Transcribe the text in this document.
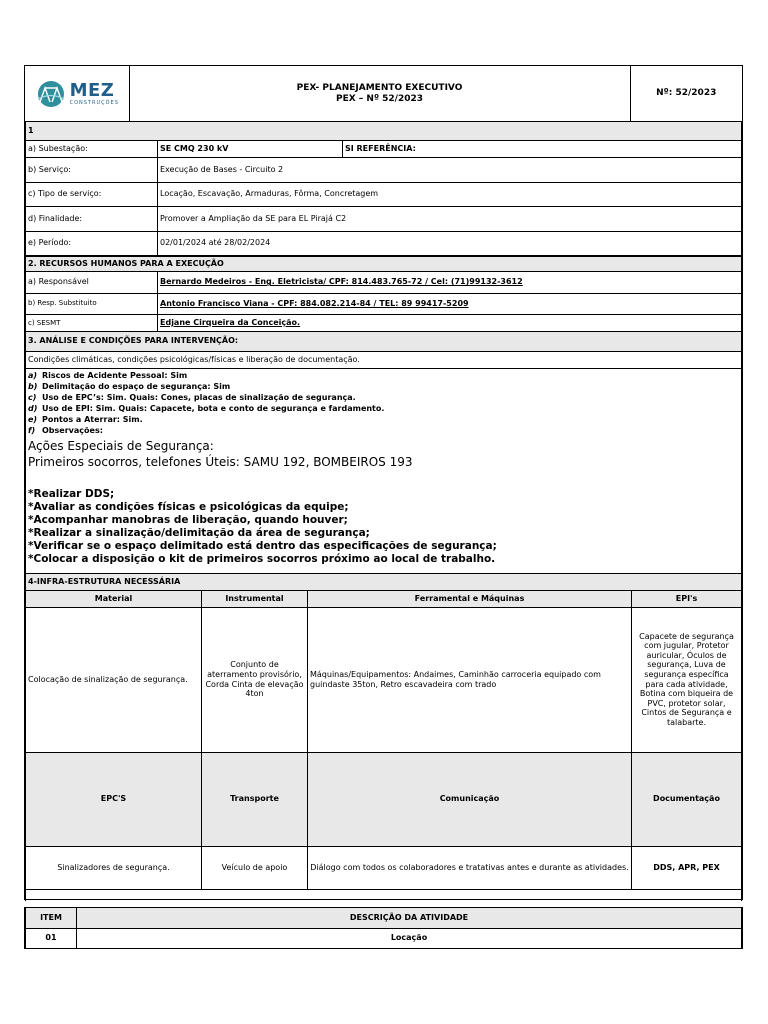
MEZ
CONSTRUÇÕES

PEX- PLANEJAMENTO EXECUTIVO
PEX – Nº 52/2023
	Nº: 52/2023
1		
a) Subestação:	SE CMQ 230 kV	SI REFERÊNCIA:
b) Serviço:	Execução de Bases - Circuito 2	
c) Tipo de serviço:	Locação, Escavação, Armaduras, Fôrma, Concretagem	
d) Finalidade:	Promover a Ampliação da SE para EL Pirajá C2	
e) Período:	02/01/2024 até 28/02/2024	
2. RECURSOS HUMANOS PARA A EXECUÇÃO	
a) Responsável	Bernardo Medeiros - Eng. Eletricista/ CPF: 814.483.765-72 / Cel: (71)99132-3612
b) Resp. Substituito	Antonio Francisco Viana - CPF: 884.082.214-84 / TEL: 89 99417-5209
c) SESMT	Edjane Cirqueira da Conceição.
3. ANÁLISE E CONDIÇÕES PARA INTERVENÇÃO:
Condições climáticas, condições psicológicas/físicas e liberação de documentação.

a) Riscos de Acidente Pessoal: Sim
b) Delimitação do espaço de segurança: Sim
c) Uso de EPC’s: Sim. Quais: Cones, placas de sinalização de segurança.
d) Uso de EPI: Sim. Quais: Capacete, bota e conto de segurança e fardamento.
e) Pontos a Aterrar: Sim.
f) Observações:
Ações Especiais de Segurança:
Primeiros socorros, telefones Úteis: SAMU 192, BOMBEIROS 193
*Realizar DDS;
*Avaliar as condições físicas e psicológicas da equipe;
*Acompanhar manobras de liberação, quando houver;
*Realizar a sinalização/delimitação da área de segurança;
*Verificar se o espaço delimitado está dentro das especificações de segurança;
*Colocar a disposição o kit de primeiros socorros próximo ao local de trabalho.
4-INFRA-ESTRUTURA NECESSÁRIA			
Material	Instrumental	Ferramental e Máquinas	EPI's
Colocação de sinalização de segurança.	Conjunto de aterramento provisório, Corda Cinta de elevação 4ton	Máquinas/Equipamentos: Andaimes, Caminhão carroceria equipado com guindaste 35ton, Retro escavadeira com trado	Capacete de segurança com jugular, Protetor auricular, Óculos de segurança, Luva de segurança específica para cada atividade, Botina com biqueira de PVC, protetor solar, Cintos de Segurança e talabarte.
EPC'S	Transporte	Comunicação	Documentação
Sinalizadores de segurança.	Veículo de apoio	Diálogo com todos os colaboradores e tratativas antes e durante as atividades.	DDS, APR, PEX

ITEM	DESCRIÇÃO DA ATIVIDADE
01	Locação
